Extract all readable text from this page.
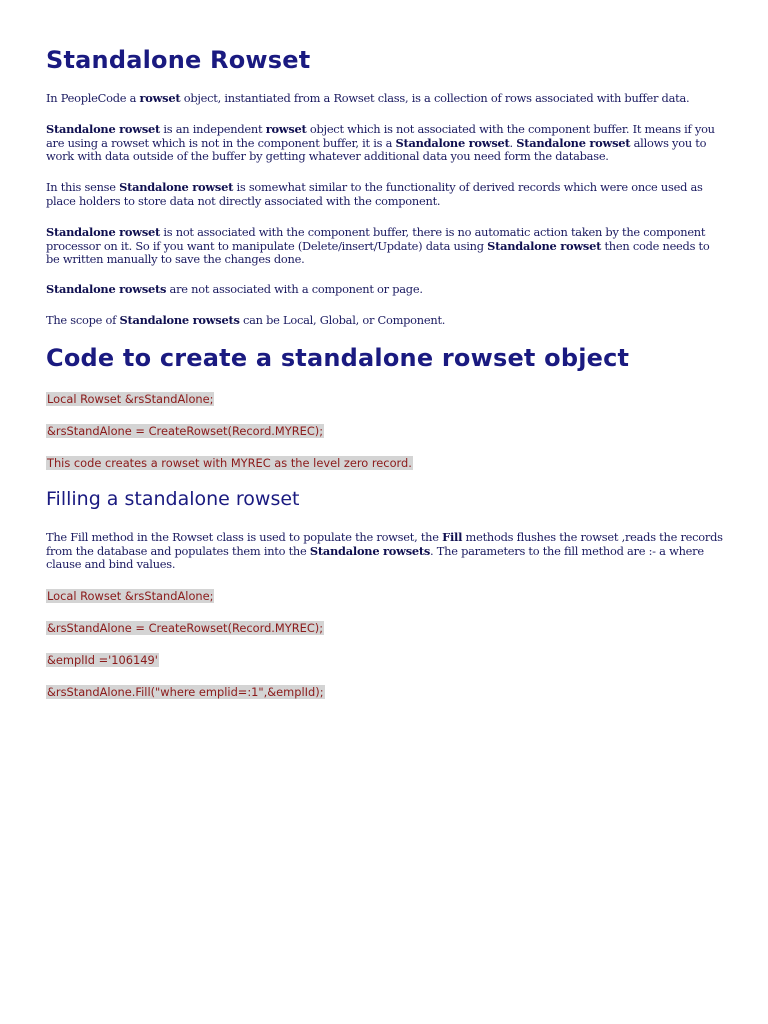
Standalone Rowset

In PeopleCode a rowset object, instantiated from a Rowset class, is a collection of rows associated with buffer data.

Standalone rowset is an independent rowset object which is not associated with the component buffer. It means if you are using a rowset which is not in the component buffer, it is a Standalone rowset. Standalone rowset allows you to work with data outside of the buffer by getting whatever additional data you need form the database.

In this sense Standalone rowset is somewhat similar to the functionality of derived records which were once used as place holders to store data not directly associated with the component.

Standalone rowset is not associated with the component buffer, there is no automatic action taken by the component processor on it. So if you want to manipulate (Delete/insert/Update) data using Standalone rowset then code needs to be written manually to save the changes done.

Standalone rowsets are not associated with a component or page.

The scope of Standalone rowsets can be Local, Global, or Component.

Code to create a standalone rowset object
Local Rowset &rsStandAlone;
&rsStandAlone = CreateRowset(Record.MYREC);
This code creates a rowset with MYREC as the level zero record.
Filling a standalone rowset

The Fill method in the Rowset class is used to populate the rowset, the Fill methods flushes the rowset ,reads the records from the database and populates them into the Standalone rowsets. The parameters to the fill method are :- a where clause and bind values.

Local Rowset &rsStandAlone;
&rsStandAlone = CreateRowset(Record.MYREC);
&emplId ='106149'
&rsStandAlone.Fill("where emplid=:1",&emplId);
